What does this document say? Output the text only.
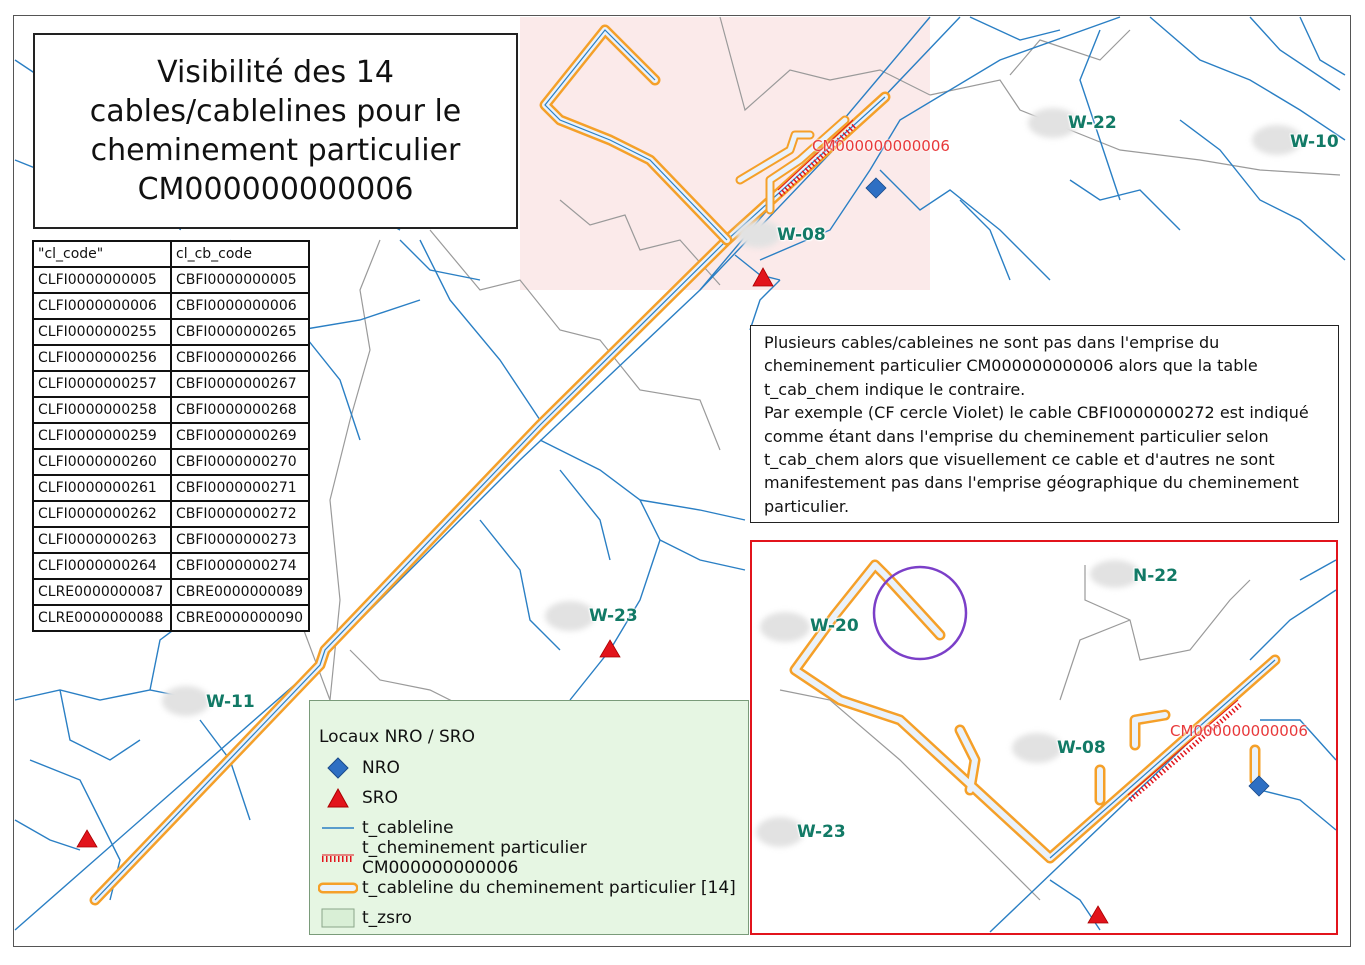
W-22
W-10
W-08
W-23
W-11
CM000000000006
N-22
W-20
W-08
W-23
CM000000000006
Visibilité des 14
cables/cablelines pour le
cheminement particulier
CM000000000006
"cl_code"	cl_cb_code
CLFI0000000005	CBFI0000000005
CLFI0000000006	CBFI0000000006
CLFI0000000255	CBFI0000000265
CLFI0000000256	CBFI0000000266
CLFI0000000257	CBFI0000000267
CLFI0000000258	CBFI0000000268
CLFI0000000259	CBFI0000000269
CLFI0000000260	CBFI0000000270
CLFI0000000261	CBFI0000000271
CLFI0000000262	CBFI0000000272
CLFI0000000263	CBFI0000000273
CLFI0000000264	CBFI0000000274
CLRE0000000087	CBRE0000000089
CLRE0000000088	CBRE0000000090

Plusieurs cables/cableines ne sont pas dans l'emprise du cheminement particulier CM000000000006 alors que la table t_cab_chem indique le contraire.

Par exemple (CF cercle Violet) le cable CBFI0000000272 est indiqué comme étant dans l'emprise du cheminement particulier selon t_cab_chem alors que visuellement ce cable et d'autres ne sont manifestement pas dans l'emprise géographique du cheminement particulier.

Locaux NRO / SRO
NRO
SRO
t_cableline
t_cheminement particulier CM000000000006
t_cableline du cheminement particulier [14]
t_zsro
